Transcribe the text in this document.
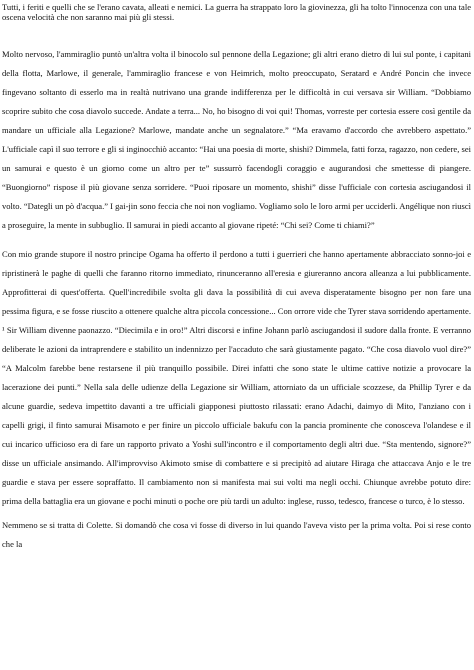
Tutti, i feriti e quelli che se l'erano cavata, alleati e nemici. La guerra ha strappato loro la giovinezza, gli ha tolto l'innocenza con una tale oscena velocità che non saranno mai più gli stessi.

Molto nervoso, l'ammiraglio puntò un'altra volta il binocolo sul pennone della Legazione; gli altri erano dietro di lui sul ponte, i capitani della flotta, Marlowe, il generale, l'ammiraglio francese e von Heimrich, molto preoccupato, Seratard e André Poncin che invece fingevano soltanto di esserlo ma in realtà nutrivano una grande indifferenza per le difficoltà in cui versava sir William. “Dobbiamo scoprire subito che cosa diavolo succede. Andate a terra... No, ho bisogno di voi qui! Thomas, vorreste per cortesia essere così gentile da mandare un ufficiale alla Legazione? Marlowe, mandate anche un segnalatore.” “Ma eravamo d'accordo che avrebbero aspettato.” L'ufficiale capì il suo terrore e gli si inginocchiò accanto: “Hai una poesia di morte, shishi? Dimmela, fatti forza, ragazzo, non cedere, sei un samurai e questo è un giorno come un altro per te” sussurrò facendogli coraggio e augurandosi che smettesse di piangere. “Buongiorno” rispose il più giovane senza sorridere. “Puoi riposare un momento, shishi” disse l'ufficiale con cortesia asciugandosi il volto. “Dategli un pò d'acqua.” I gai-jin sono feccia che noi non vogliamo. Vogliamo solo le loro armi per ucciderli. Angélique non riuscì a proseguire, la mente in subbuglio. Il samurai in piedi accanto al giovane ripeté: “Chi sei? Come ti chiami?”

Con mio grande stupore il nostro principe Ogama ha offerto il perdono a tutti i guerrieri che hanno apertamente abbracciato sonno-joi e ripristinerà le paghe di quelli che faranno ritorno immediato, rinunceranno all'eresia e giureranno ancora alleanza a lui pubblicamente. Approfitterai di quest'offerta. Quell'incredibile svolta gli dava la possibilità di cui aveva disperatamente bisogno per non fare una pessima figura, e se fosse riuscito a ottenere qualche altra piccola concessione... Con orrore vide che Tyrer stava sorridendo apertamente. ¹ Sir William divenne paonazzo. “Diecimila e in oro!” Altri discorsi e infine Johann parlò asciugandosi il sudore dalla fronte. E verranno deliberate le azioni da intraprendere e stabilito un indennizzo per l'accaduto che sarà giustamente pagato. “Che cosa diavolo vuol dire?” “A Malcolm farebbe bene restarsene il più tranquillo possibile. Direi infatti che sono state le ultime cattive notizie a provocare la lacerazione dei punti.” Nella sala delle udienze della Legazione sir William, attorniato da un ufficiale scozzese, da Phillip Tyrer e da alcune guardie, sedeva impettito davanti a tre ufficiali giapponesi piuttosto rilassati: erano Adachi, daimyo di Mito, l'anziano con i capelli grigi, il finto samurai Misamoto e per finire un piccolo ufficiale bakufu con la pancia prominente che conosceva l'olandese e il cui incarico ufficioso era di fare un rapporto privato a Yoshi sull'incontro e il comportamento degli altri due. “Sta mentendo, signore?” disse un ufficiale ansimando. All'improvviso Akimoto smise di combattere e si precipitò ad aiutare Hiraga che attaccava Anjo e le tre guardie e stava per essere sopraffatto. Il cambiamento non si manifesta mai sui volti ma negli occhi. Chiunque avrebbe potuto dire: prima della battaglia era un giovane e pochi minuti o poche ore più tardi un adulto: inglese, russo, tedesco, francese o turco, è lo stesso.

Nemmeno se si tratta di Colette. Si domandò che cosa vi fosse di diverso in lui quando l'aveva visto per la prima volta. Poi si rese conto che la
